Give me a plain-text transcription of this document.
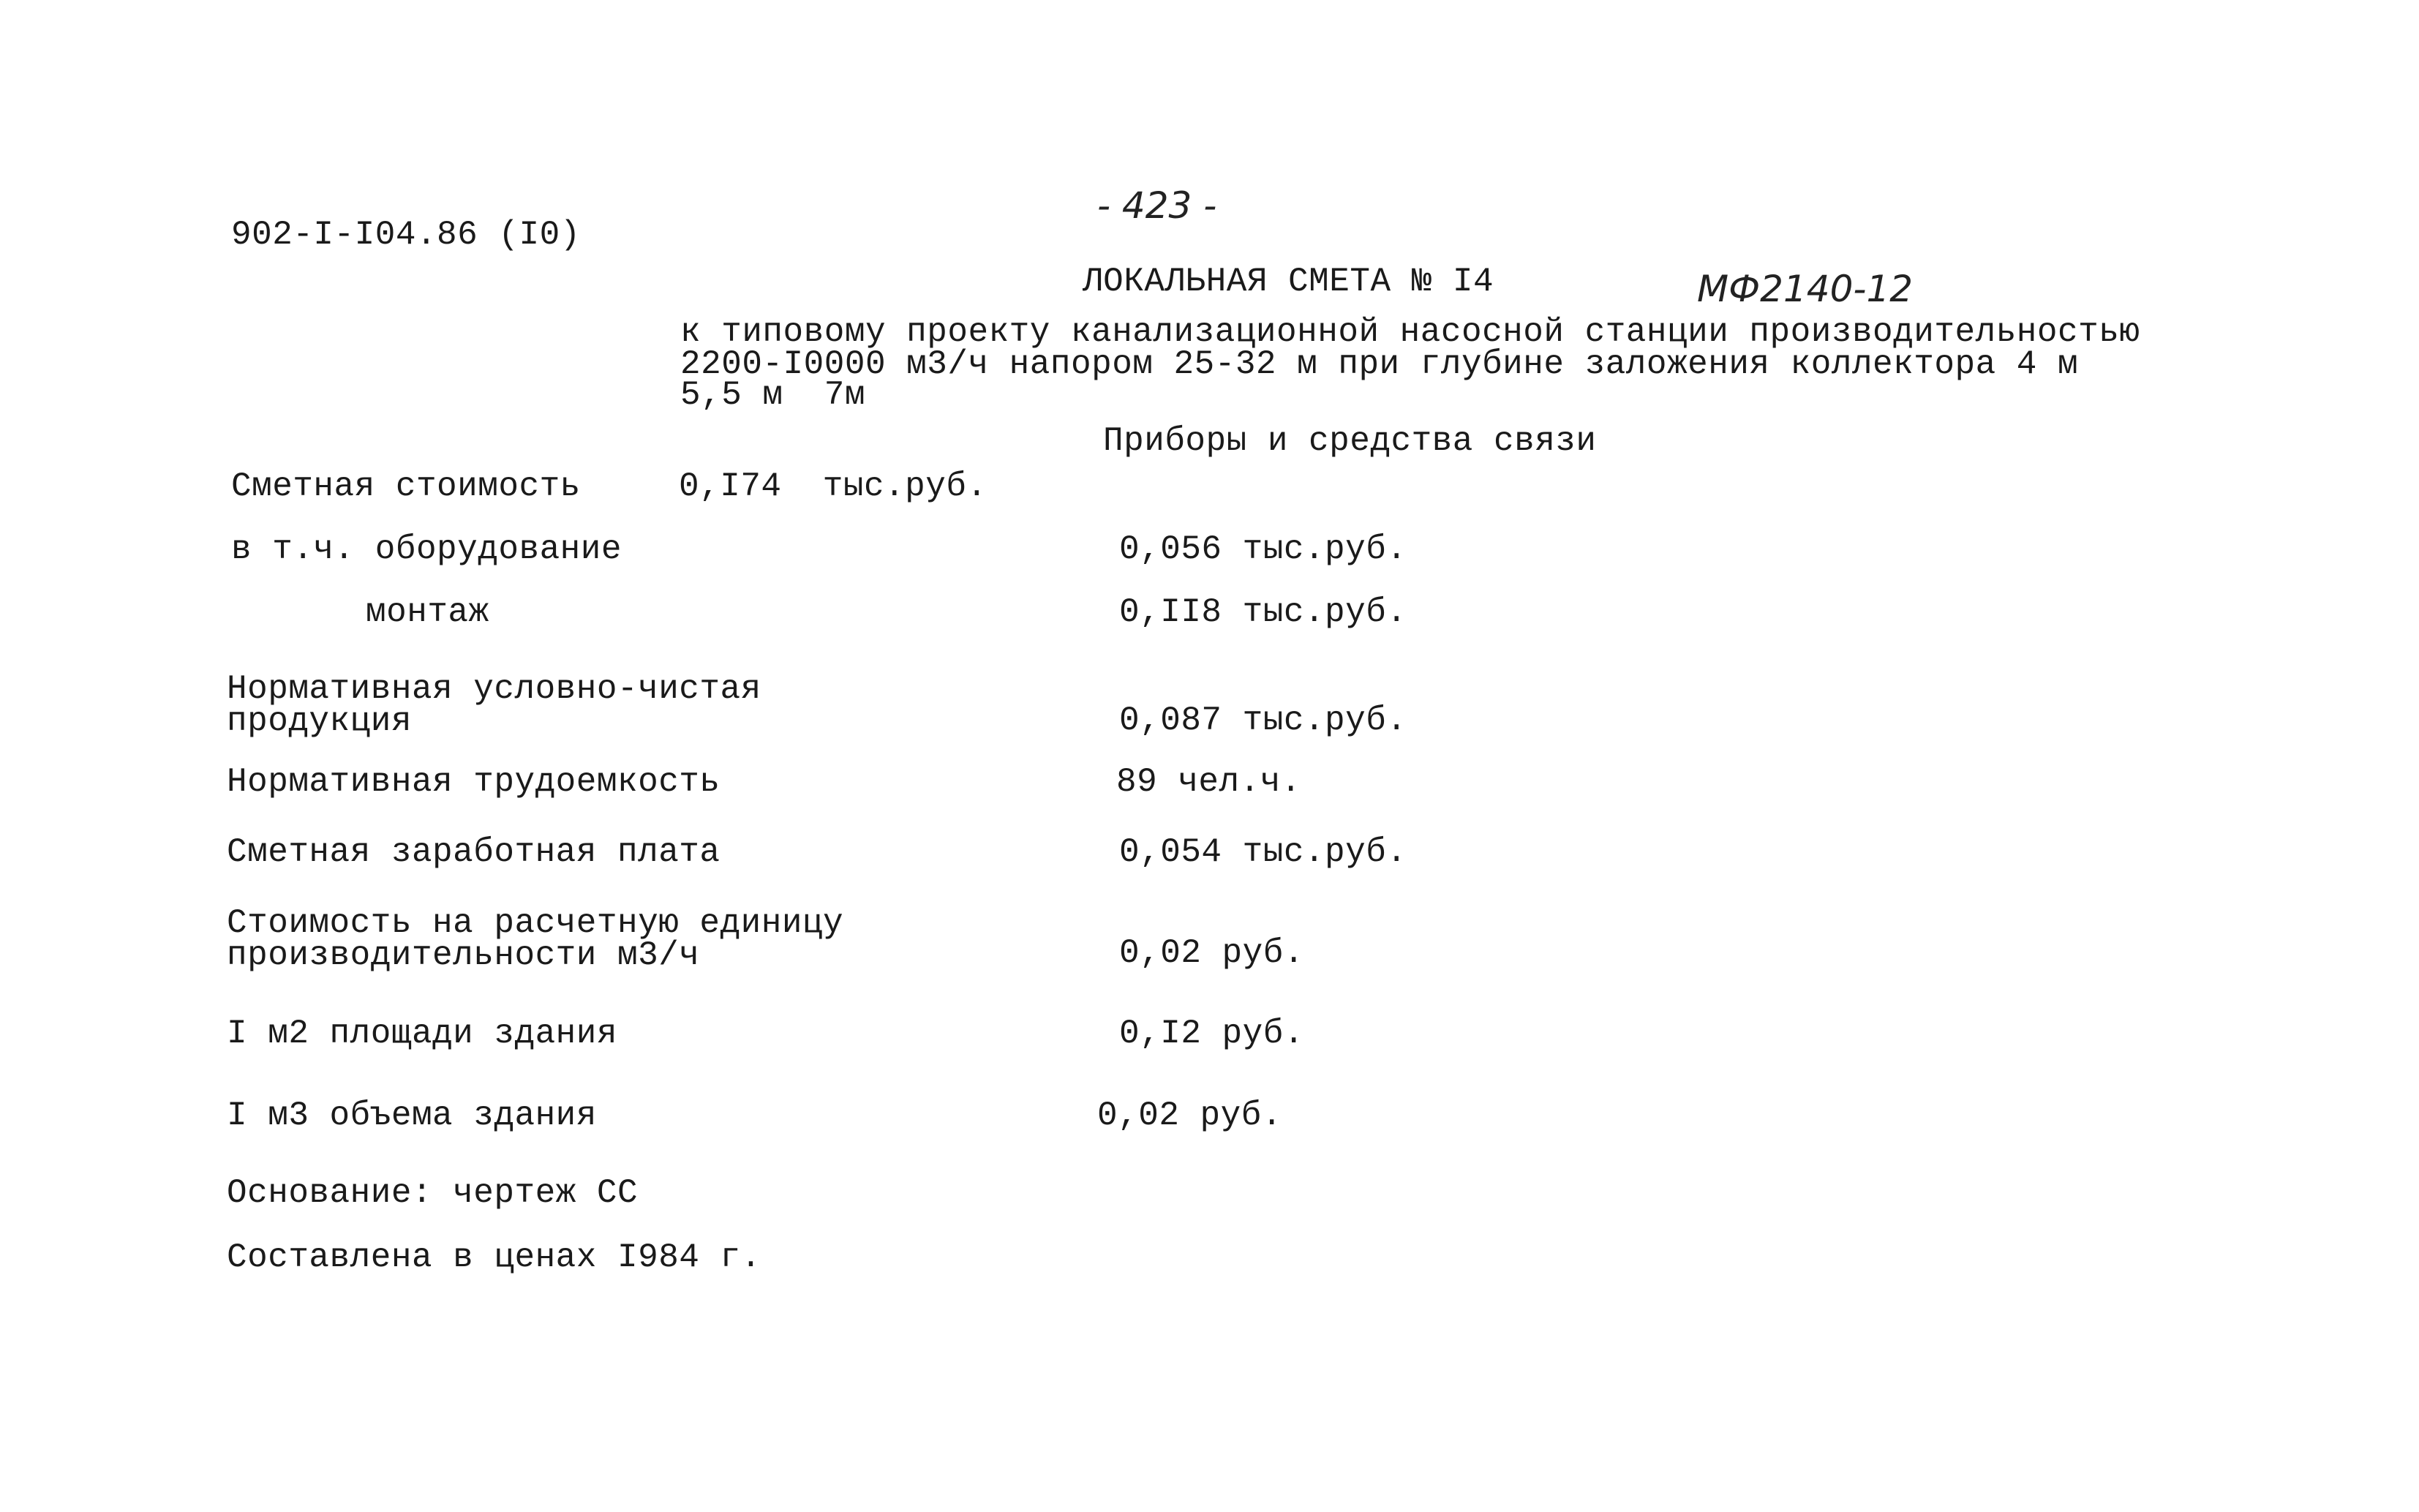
902-I-I04.86 (I0)
- 423 -
ЛОКАЛЬНАЯ СМЕТА № I4	МФ2140-12
к типовому проекту канализационной насосной станции производительностью
2200-I0000 м3/ч напором 25-32 м при глубине заложения коллектора 4 м
5,5 м  7м
Приборы и средства связи
Сметная стоимость	0,I74  тыс.руб.
в т.ч. оборудование	0,056 тыс.руб.
монтаж	0,II8 тыс.руб.
Нормативная условно-чистая
продукция	0,087 тыс.руб.
Нормативная трудоемкость	89 чел.ч.
Сметная заработная плата	0,054 тыс.руб.
Стоимость на расчетную единицу
производительности м3/ч	0,02 руб.
I м2 площади здания	0,I2 руб.
I м3 объема здания	0,02 руб.
Основание: чертеж СС
Составлена в ценах I984 г.
